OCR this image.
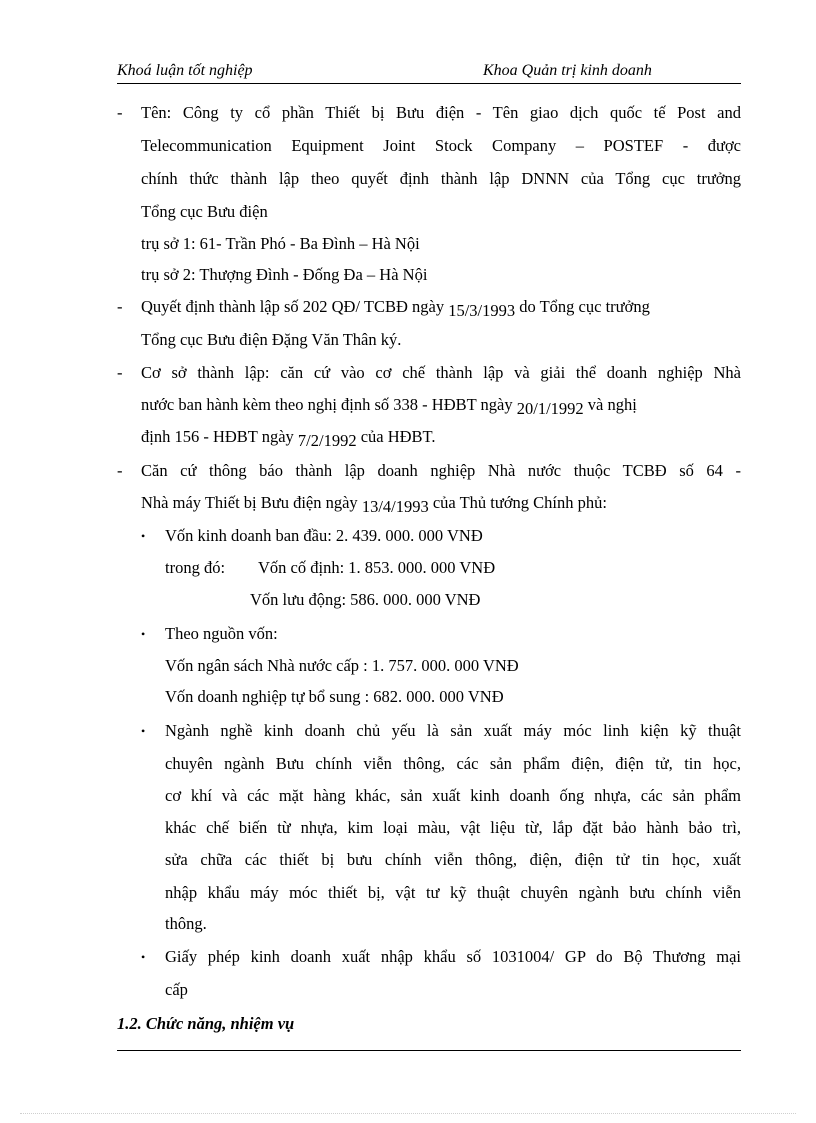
Khoá luận tốt nghiệp	Khoa Quản trị kinh doanh
- Tên: Công ty cổ phần Thiết bị Bưu điện - Tên giao dịch quốc tế Post and
Telecommunication Equipment Joint Stock Company – POSTEF - được
chính thức thành lập theo quyết định thành lập DNNN của Tổng cục trưởng
Tổng cục Bưu điện
trụ sở 1: 61- Trần Phó - Ba Đình – Hà Nội
trụ sở 2: Thượng Đình - Đống Đa – Hà Nội
- Quyết định thành lập số 202 QĐ/ TCBĐ ngày 15/3/1993 do Tổng cục trưởng
Tổng cục Bưu điện Đặng Văn Thân ký.
- Cơ sở thành lập: căn cứ vào cơ chế thành lập và giải thể doanh nghiệp Nhà
nước ban hành kèm theo nghị định số 338 - HĐBT ngày 20/1/1992 và nghị
định 156 - HĐBT ngày 7/2/1992 của HĐBT.
- Căn cứ thông báo thành lập doanh nghiệp Nhà nước thuộc TCBĐ số 64 -
Nhà máy Thiết bị Bưu điện ngày 13/4/1993 của Thủ tướng Chính phủ:
•	Vốn kinh doanh ban đầu: 2. 439. 000. 000 VNĐ
trong đó: Vốn cố định: 1. 853. 000. 000 VNĐ
Vốn lưu động: 586. 000. 000 VNĐ
•	Theo nguồn vốn:
Vốn ngân sách Nhà nước cấp : 1. 757. 000. 000 VNĐ
Vốn doanh nghiệp tự bổ sung : 682. 000. 000 VNĐ
•	Ngành nghề kinh doanh chủ yếu là sản xuất máy móc linh kiện kỹ thuật
chuyên ngành Bưu chính viễn thông, các sản phẩm điện, điện tử, tin học,
cơ khí và các mặt hàng khác, sản xuất kinh doanh ống nhựa, các sản phẩm
khác chế biến từ nhựa, kim loại màu, vật liệu từ, lắp đặt bảo hành bảo trì,
sửa chữa các thiết bị bưu chính viễn thông, điện, điện tử tin học, xuất
nhập khẩu máy móc thiết bị, vật tư kỹ thuật chuyên ngành bưu chính viễn
thông.
•	Giấy phép kinh doanh xuất nhập khẩu số 1031004/ GP do Bộ Thương mại
cấp
1.2. Chức năng, nhiệm vụ
